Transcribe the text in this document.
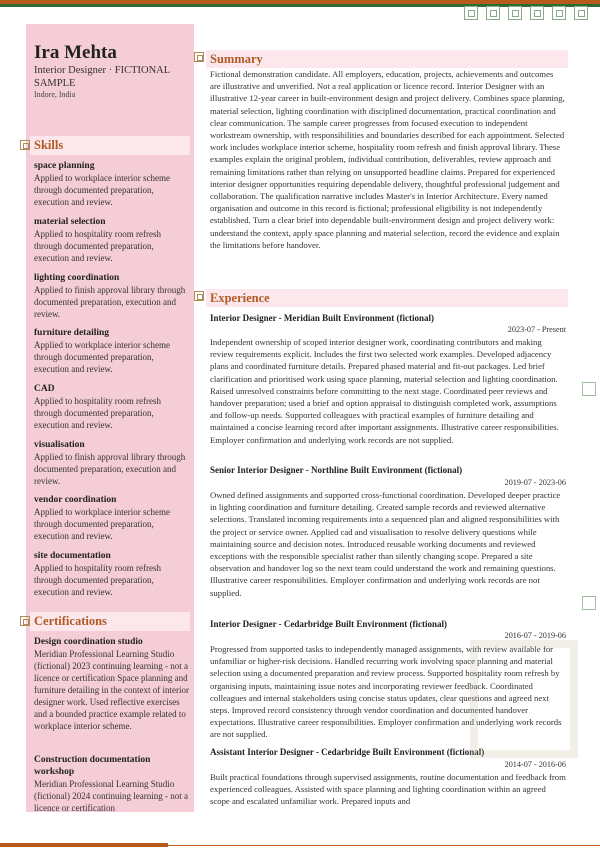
Ira Mehta
Interior Designer · FICTIONAL SAMPLE
Indore, India
Skills
space planning
Applied to workplace interior scheme through documented preparation, execution and review.
material selection
Applied to hospitality room refresh through documented preparation, execution and review.
lighting coordination
Applied to finish approval library through documented preparation, execution and review.
furniture detailing
Applied to workplace interior scheme through documented preparation, execution and review.
CAD
Applied to hospitality room refresh through documented preparation, execution and review.
visualisation
Applied to finish approval library through documented preparation, execution and review.
vendor coordination
Applied to workplace interior scheme through documented preparation, execution and review.
site documentation
Applied to hospitality room refresh through documented preparation, execution and review.
Certifications
Design coordination studio
Meridian Professional Learning Studio (fictional) 2023 continuing learning - not a licence or certification Space planning and furniture detailing in the context of interior designer work. Used reflective exercises and a bounded practice example related to workplace interior scheme.
Construction documentation workshop
Meridian Professional Learning Studio (fictional) 2024 continuing learning - not a licence or certification
Summary
Fictional demonstration candidate. All employers, education, projects, achievements and outcomes are illustrative and unverified. Not a real application or licence record. Interior Designer with an illustrative 12-year career in built-environment design and project delivery. Combines space planning, material selection, lighting coordination with disciplined documentation, practical coordination and clear communication. The sample career progresses from focused execution to independent workstream ownership, with responsibilities and boundaries described for each appointment. Selected work includes workplace interior scheme, hospitality room refresh and finish approval library. These examples explain the original problem, individual contribution, deliverables, review approach and remaining limitations rather than relying on unsupported headline claims. Prepared for experienced interior designer opportunities requiring dependable delivery, thoughtful professional judgement and collaboration. The qualification narrative includes Master's in Interior Architecture. Every named organisation and outcome in this record is fictional; professional eligibility is not independently established. Turn a clear brief into dependable built-environment design and project delivery work: understand the context, apply space planning and material selection, record the evidence and explain the limitations before handover.
Experience
Interior Designer - Meridian Built Environment (fictional)
2023-07 - Present
Independent ownership of scoped interior designer work, coordinating contributors and making review requirements explicit. Includes the first two selected work examples. Developed adjacency plans and coordinated furniture details. Prepared phased material and fit-out packages. Led brief clarification and prioritised work using space planning, material selection and lighting coordination. Raised unresolved constraints before committing to the next stage. Coordinated peer reviews and handover preparation; used a brief and option appraisal to distinguish completed work, assumptions and follow-up needs. Supported colleagues with practical examples of furniture detailing and maintained a concise learning record after important assignments. Illustrative career responsibilities. Employer confirmation and underlying work records are not supplied.
Senior Interior Designer - Northline Built Environment (fictional)
2019-07 - 2023-06
Owned defined assignments and supported cross-functional coordination. Developed deeper practice in lighting coordination and furniture detailing. Created sample records and reviewed alternative selections. Translated incoming requirements into a sequenced plan and aligned responsibilities with the project or service owner. Applied cad and visualisation to resolve delivery questions while maintaining source and decision notes. Introduced reusable working documents and reviewed exceptions with the responsible specialist rather than silently changing scope. Prepared a site observation and handover log so the next team could understand the work and remaining questions. Illustrative career responsibilities. Employer confirmation and underlying work records are not supplied.
Interior Designer - Cedarbridge Built Environment (fictional)
2016-07 - 2019-06
Progressed from supported tasks to independently managed assignments, with review available for unfamiliar or higher-risk decisions. Handled recurring work involving space planning and material selection using a documented preparation and review process. Supported hospitality room refresh by organising inputs, maintaining issue notes and incorporating reviewer feedback. Coordinated colleagues and internal stakeholders using concise status updates, clear questions and agreed next steps. Improved record consistency through vendor coordination and documented handover expectations. Illustrative career responsibilities. Employer confirmation and underlying work records are not supplied.
Assistant Interior Designer - Cedarbridge Built Environment (fictional)
2014-07 - 2016-06
Built practical foundations through supervised assignments, routine documentation and feedback from experienced colleagues. Assisted with space planning and lighting coordination within an agreed scope and escalated unfamiliar work. Prepared inputs and
